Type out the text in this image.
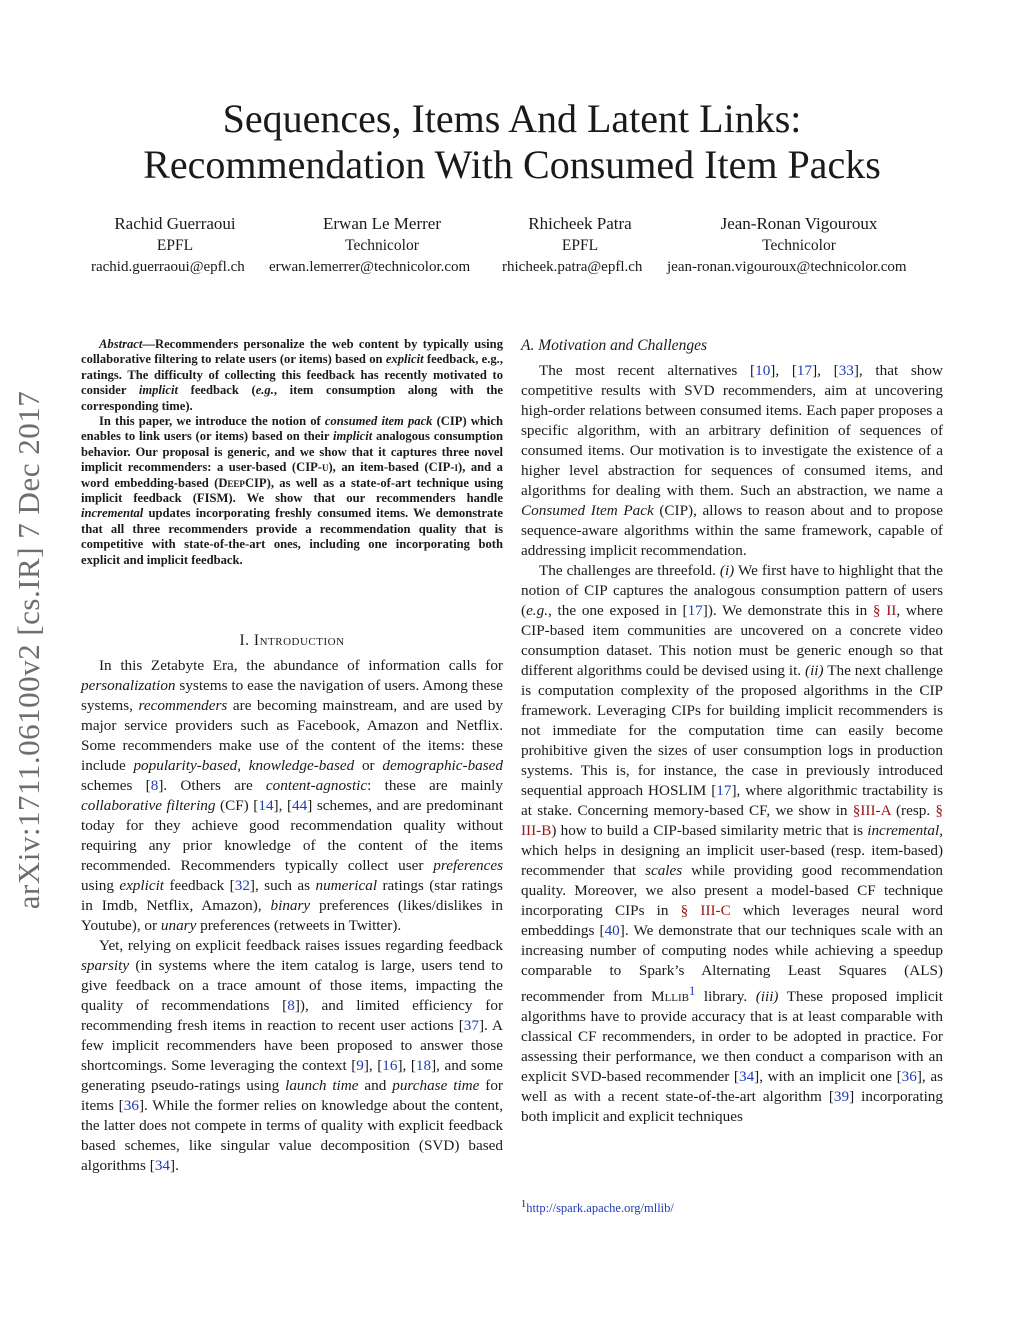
arXiv:1711.06100v2 [cs.IR] 7 Dec 2017
Sequences, Items And Latent Links:
Recommendation With Consumed Item Packs
Rachid Guerraoui	Erwan Le Merrer	Rhicheek Patra	Jean-Ronan Vigouroux
EPFL	Technicolor	EPFL	Technicolor
rachid.guerraoui@epfl.ch erwan.lemerrer@technicolor.com rhicheek.patra@epfl.ch jean-ronan.vigouroux@technicolor.com

Abstract—Recommenders personalize the web content by typically using collaborative filtering to relate users (or items) based on explicit feedback, e.g., ratings. The difficulty of collecting this feedback has recently motivated to consider implicit feedback (e.g., item consumption along with the corresponding time).

In this paper, we introduce the notion of consumed item pack (CIP) which enables to link users (or items) based on their implicit analogous consumption behavior. Our proposal is generic, and we show that it captures three novel implicit recommenders: a user-based (CIP-u), an item-based (CIP-i), and a word embedding-based (DeepCIP), as well as a state-of-art technique using implicit feedback (FISM). We show that our recommenders handle incremental updates incorporating freshly consumed items. We demonstrate that all three recommenders provide a recommendation quality that is competitive with state-of-the-art ones, including one incorporating both explicit and implicit feedback.

I. Introduction

In this Zetabyte Era, the abundance of information calls for personalization systems to ease the navigation of users. Among these systems, recommenders are becoming mainstream, and are used by major service providers such as Facebook, Amazon and Netflix. Some recommenders make use of the content of the items: these include popularity-based, knowledge-based or demographic-based schemes [8]. Others are content-agnostic: these are mainly collaborative filtering (CF) [14], [44] schemes, and are predominant today for they achieve good recommendation quality without requiring any prior knowledge of the content of the items recommended. Recommenders typically collect user preferences using explicit feedback [32], such as numerical ratings (star ratings in Imdb, Netflix, Amazon), binary preferences (likes/dislikes in Youtube), or unary preferences (retweets in Twitter).

Yet, relying on explicit feedback raises issues regarding feedback sparsity (in systems where the item catalog is large, users tend to give feedback on a trace amount of those items, impacting the quality of recommendations [8]), and limited efficiency for recommending fresh items in reaction to recent user actions [37]. A few implicit recommenders have been proposed to answer those shortcomings. Some leveraging the context [9], [16], [18], and some generating pseudo-ratings using launch time and purchase time for items [36]. While the former relies on knowledge about the content, the latter does not compete in terms of quality with explicit feedback based schemes, like singular value decomposition (SVD) based algorithms [34].

A. Motivation and Challenges

The most recent alternatives [10], [17], [33], that show competitive results with SVD recommenders, aim at uncovering high-order relations between consumed items. Each paper proposes a specific algorithm, with an arbitrary definition of sequences of consumed items. Our motivation is to investigate the existence of a higher level abstraction for sequences of consumed items, and algorithms for dealing with them. Such an abstraction, we name a Consumed Item Pack (CIP), allows to reason about and to propose sequence-aware algorithms within the same framework, capable of addressing implicit recommendation.

The challenges are threefold. (i) We first have to highlight that the notion of CIP captures the analogous consumption pattern of users (e.g., the one exposed in [17]). We demonstrate this in § II, where CIP-based item communities are uncovered on a concrete video consumption dataset. This notion must be generic enough so that different algorithms could be devised using it. (ii) The next challenge is computation complexity of the proposed algorithms in the CIP framework. Leveraging CIPs for building implicit recommenders is not immediate for the computation time can easily become prohibitive given the sizes of user consumption logs in production systems. This is, for instance, the case in previously introduced sequential approach HOSLIM [17], where algorithmic tractability is at stake. Concerning memory-based CF, we show in §III-A (resp. § III-B) how to build a CIP-based similarity metric that is incremental, which helps in designing an implicit user-based (resp. item-based) recommender that scales while providing good recommendation quality. Moreover, we also present a model-based CF technique incorporating CIPs in § III-C which leverages neural word embeddings [40]. We demonstrate that our techniques scale with an increasing number of computing nodes while achieving a speedup comparable to Spark’s Alternating Least Squares (ALS) recommender from Mllib$^1$ library. (iii) These proposed implicit algorithms have to provide accuracy that is at least comparable with classical CF recommenders, in order to be adopted in practice. For assessing their performance, we then conduct a comparison with an explicit SVD-based recommender [34], with an implicit one [36], as well as with a recent state-of-the-art algorithm [39] incorporating both implicit and explicit techniques

$^1$http://spark.apache.org/mllib/
